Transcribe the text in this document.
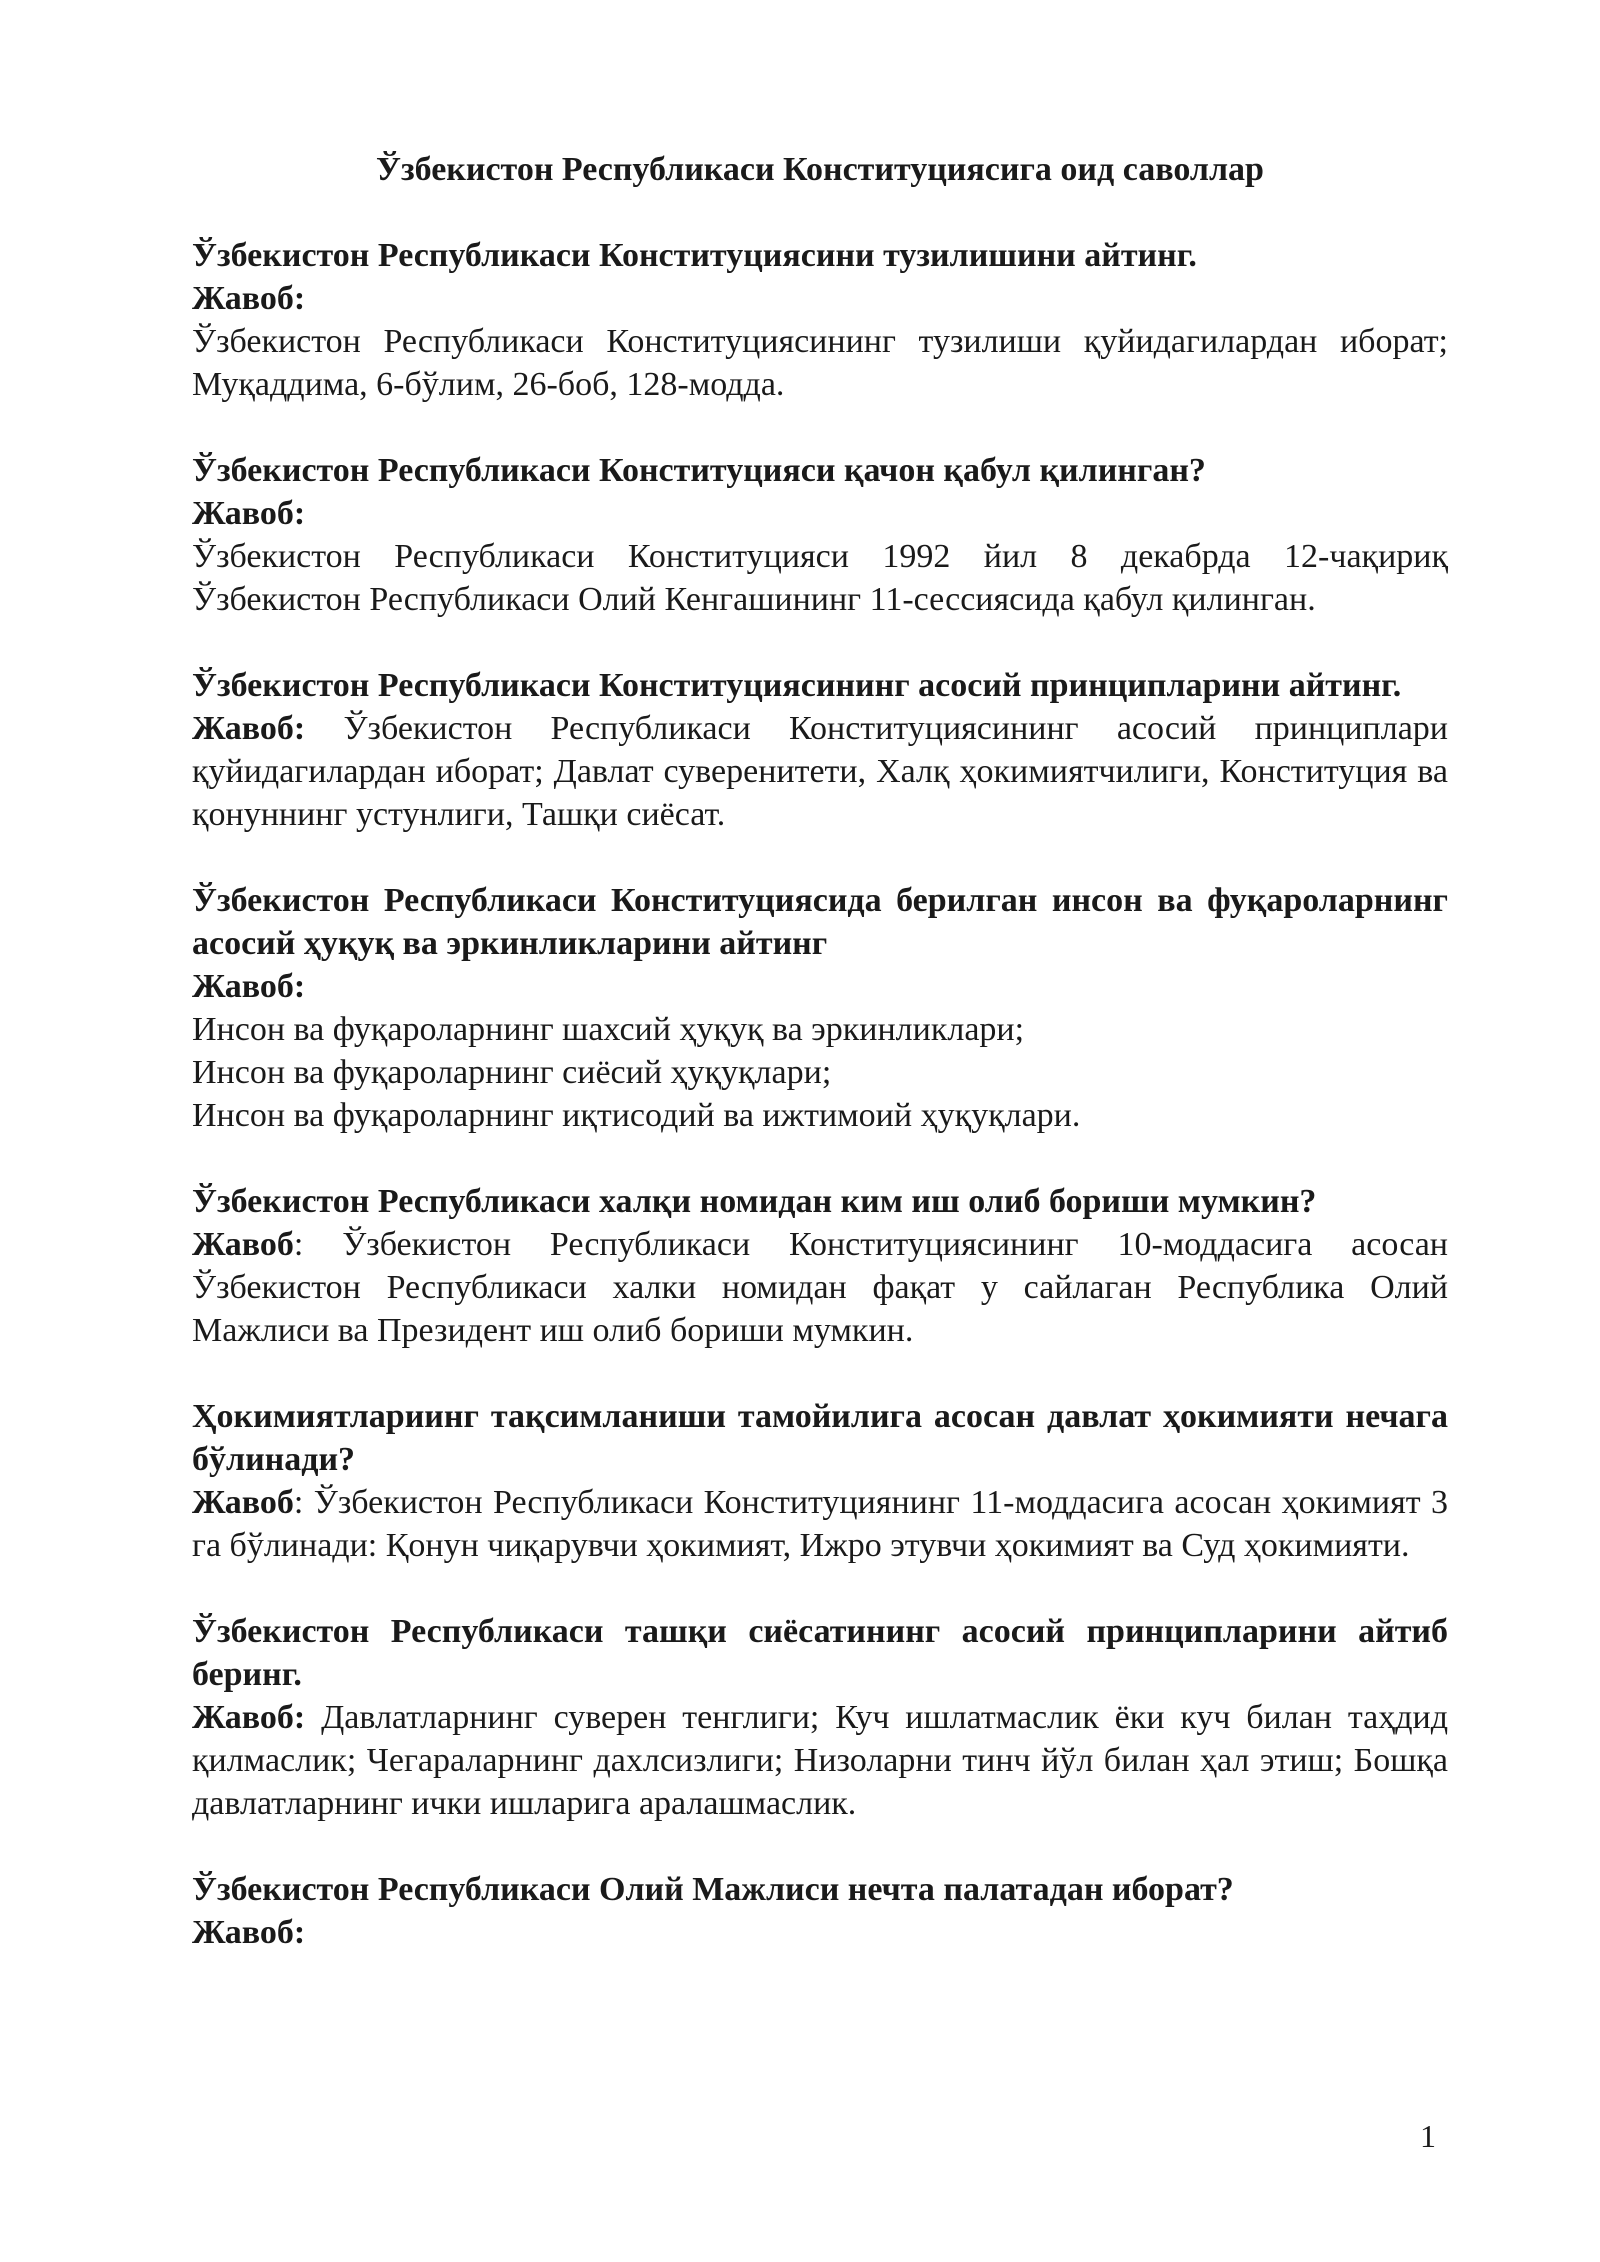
Ўзбекистон Республикаси Конституциясига оид саволлар

Ўзбекистон Республикаси Конституциясини тузилишини айтинг.

Жавоб:

Ўзбекистон Республикаси Конституциясининг тузилиши қуйидагилардан иборат; Муқаддима, 6-бўлим, 26-боб, 128-модда.

Ўзбекистон Республикаси Конституцияси қачон қабул қилинган?

Жавоб:

Ўзбекистон Республикаси Конституцияси 1992 йил 8 декабрда 12-чақириқ Ўзбекистон Республикаси Олий Кенгашининг 11-сессиясида қабул қилинган.

Ўзбекистон Республикаси Конституциясининг асосий принципларини айтинг.

Жавоб: Ўзбекистон Республикаси Конституциясининг асосий принциплари қуйидагилардан иборат; Давлат суверенитети, Халқ ҳокимиятчилиги, Конституция ва қонуннинг устунлиги, Ташқи сиёсат.

Ўзбекистон Республикаси Конституциясида берилган инсон ва фуқароларнинг асосий ҳуқуқ ва эркинликларини айтинг

Жавоб:

Инсон ва фуқароларнинг шахсий ҳуқуқ ва эркинликлари;

Инсон ва фуқароларнинг сиёсий ҳуқуқлари;

Инсон ва фуқароларнинг иқтисодий ва ижтимоий ҳуқуқлари.

Ўзбекистон Республикаси халқи номидан ким иш олиб бориши мумкин?

Жавоб: Ўзбекистон Республикаси Конституциясининг 10-моддасига асосан Ўзбекистон Республикаси халки номидан фақат у сайлаган Республика Олий Мажлиси ва Президент иш олиб бориши мумкин.

Ҳокимиятлариинг тақсимланиши тамойилига асосан давлат ҳокимияти нечага бўлинади?

Жавоб: Ўзбекистон Республикаси Конституциянинг 11-моддасига асосан ҳокимият 3 га бўлинади: Қонун чиқарувчи ҳокимият, Ижро этувчи ҳокимият ва Суд ҳокимияти.

Ўзбекистон Республикаси ташқи сиёсатининг асосий принципларини айтиб беринг.

Жавоб: Давлатларнинг суверен тенглиги; Куч ишлатмаслик ёки куч билан таҳдид қилмаслик; Чегараларнинг дахлсизлиги; Низоларни тинч йўл билан ҳал этиш; Бошқа давлатларнинг ички ишларига аралашмаслик.

Ўзбекистон Республикаси Олий Мажлиси нечта палатадан иборат?

Жавоб:

1
